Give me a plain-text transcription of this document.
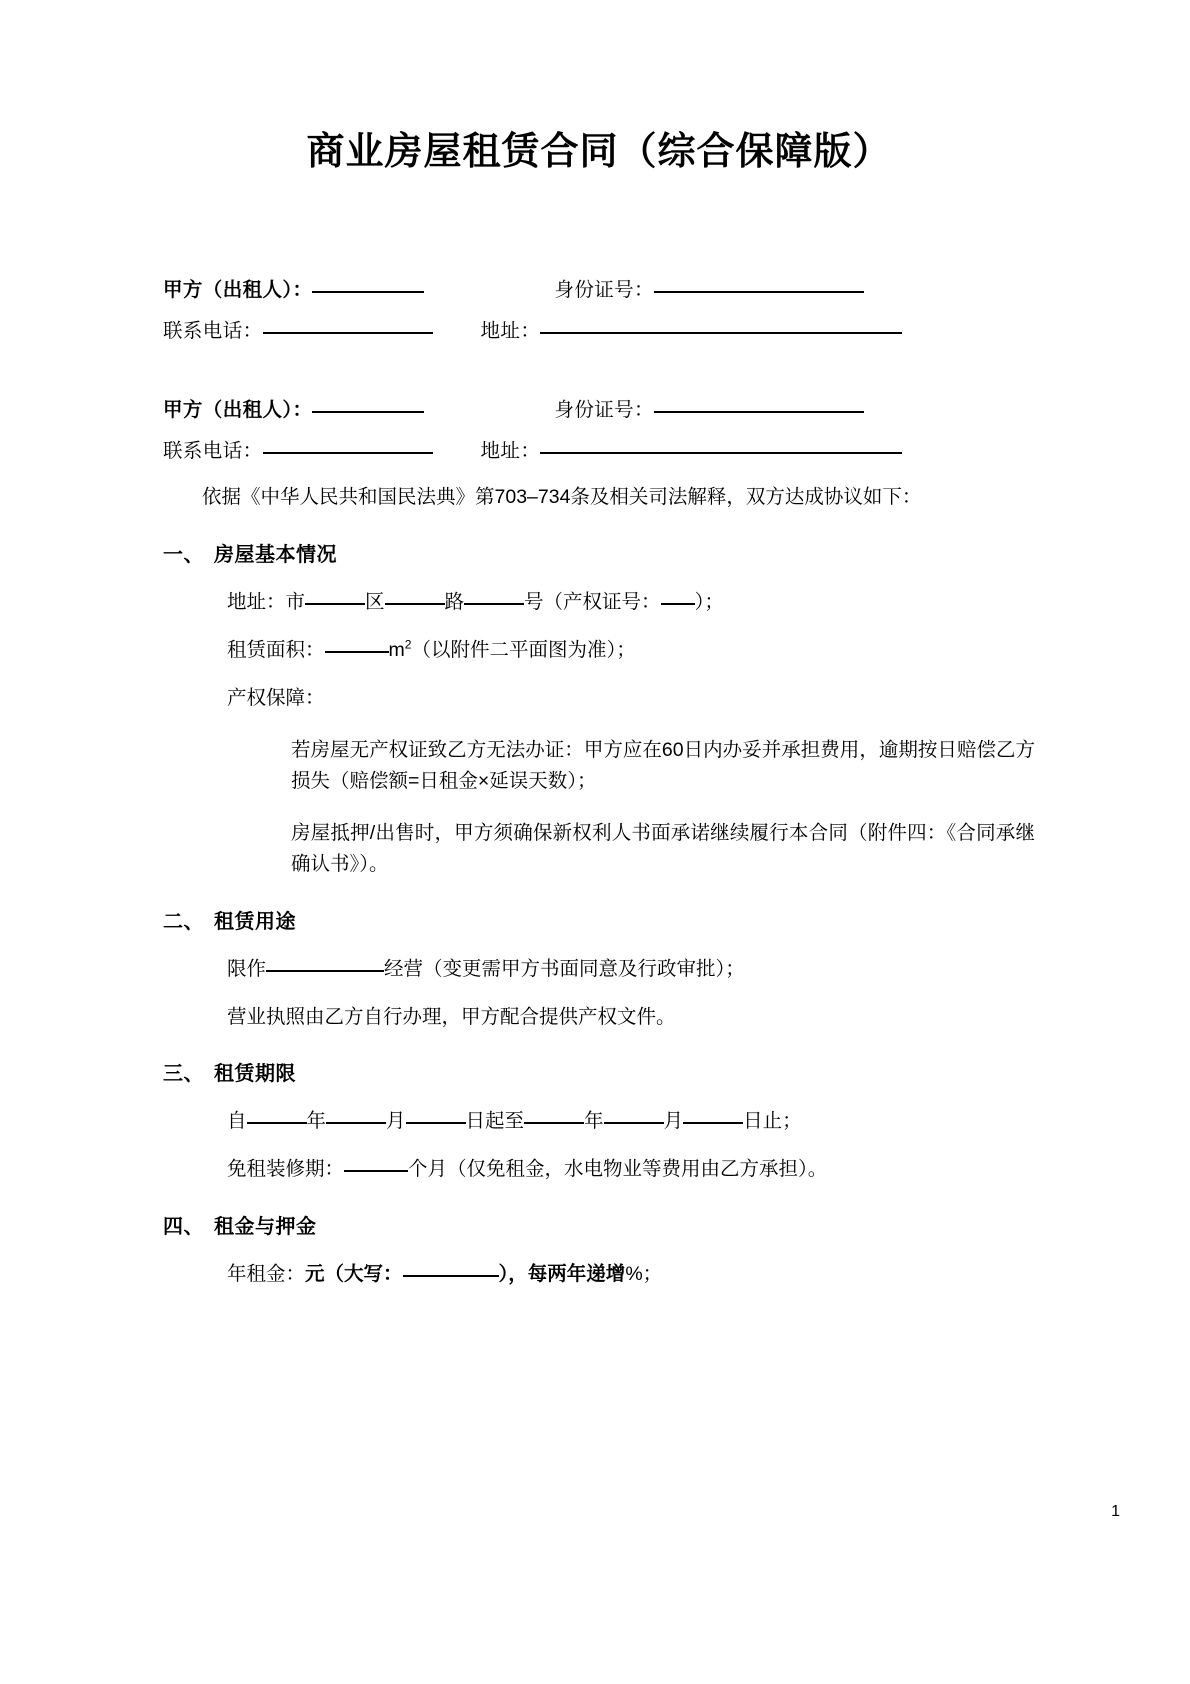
商业房屋租赁合同（综合保障版）
甲方（出租人）：	身份证号：
联系电话：	地址：
甲方（出租人）：	身份证号：
联系电话：	地址：

依据《中华人民共和国民法典》第703–734条及相关司法解释，双方达成协议如下：

一、 房屋基本情况
地址：市	区	路	号（产权证号： ）；
租赁面积：	$m^2$（以附件二平面图为准）；
产权保障：

若房屋无产权证致乙方无法办证：甲方应在60日内办妥并承担费用，逾期按日赔偿乙方损失（赔偿额=日租金×延误天数）；

房屋抵押/出售时，甲方须确保新权利人书面承诺继续履行本合同（附件四：《合同承继确认书》）。

二、 租赁用途
限作	经营（变更需甲方书面同意及行政审批）；
营业执照由乙方自行办理，甲方配合提供产权文件。
三、 租赁期限
自	年	月	日起至	年	月	日止；
免租装修期：	个月（仅免租金，水电物业等费用由乙方承担）。
四、 租金与押金
年租金：元（大写：	），每两年递增%；
1
